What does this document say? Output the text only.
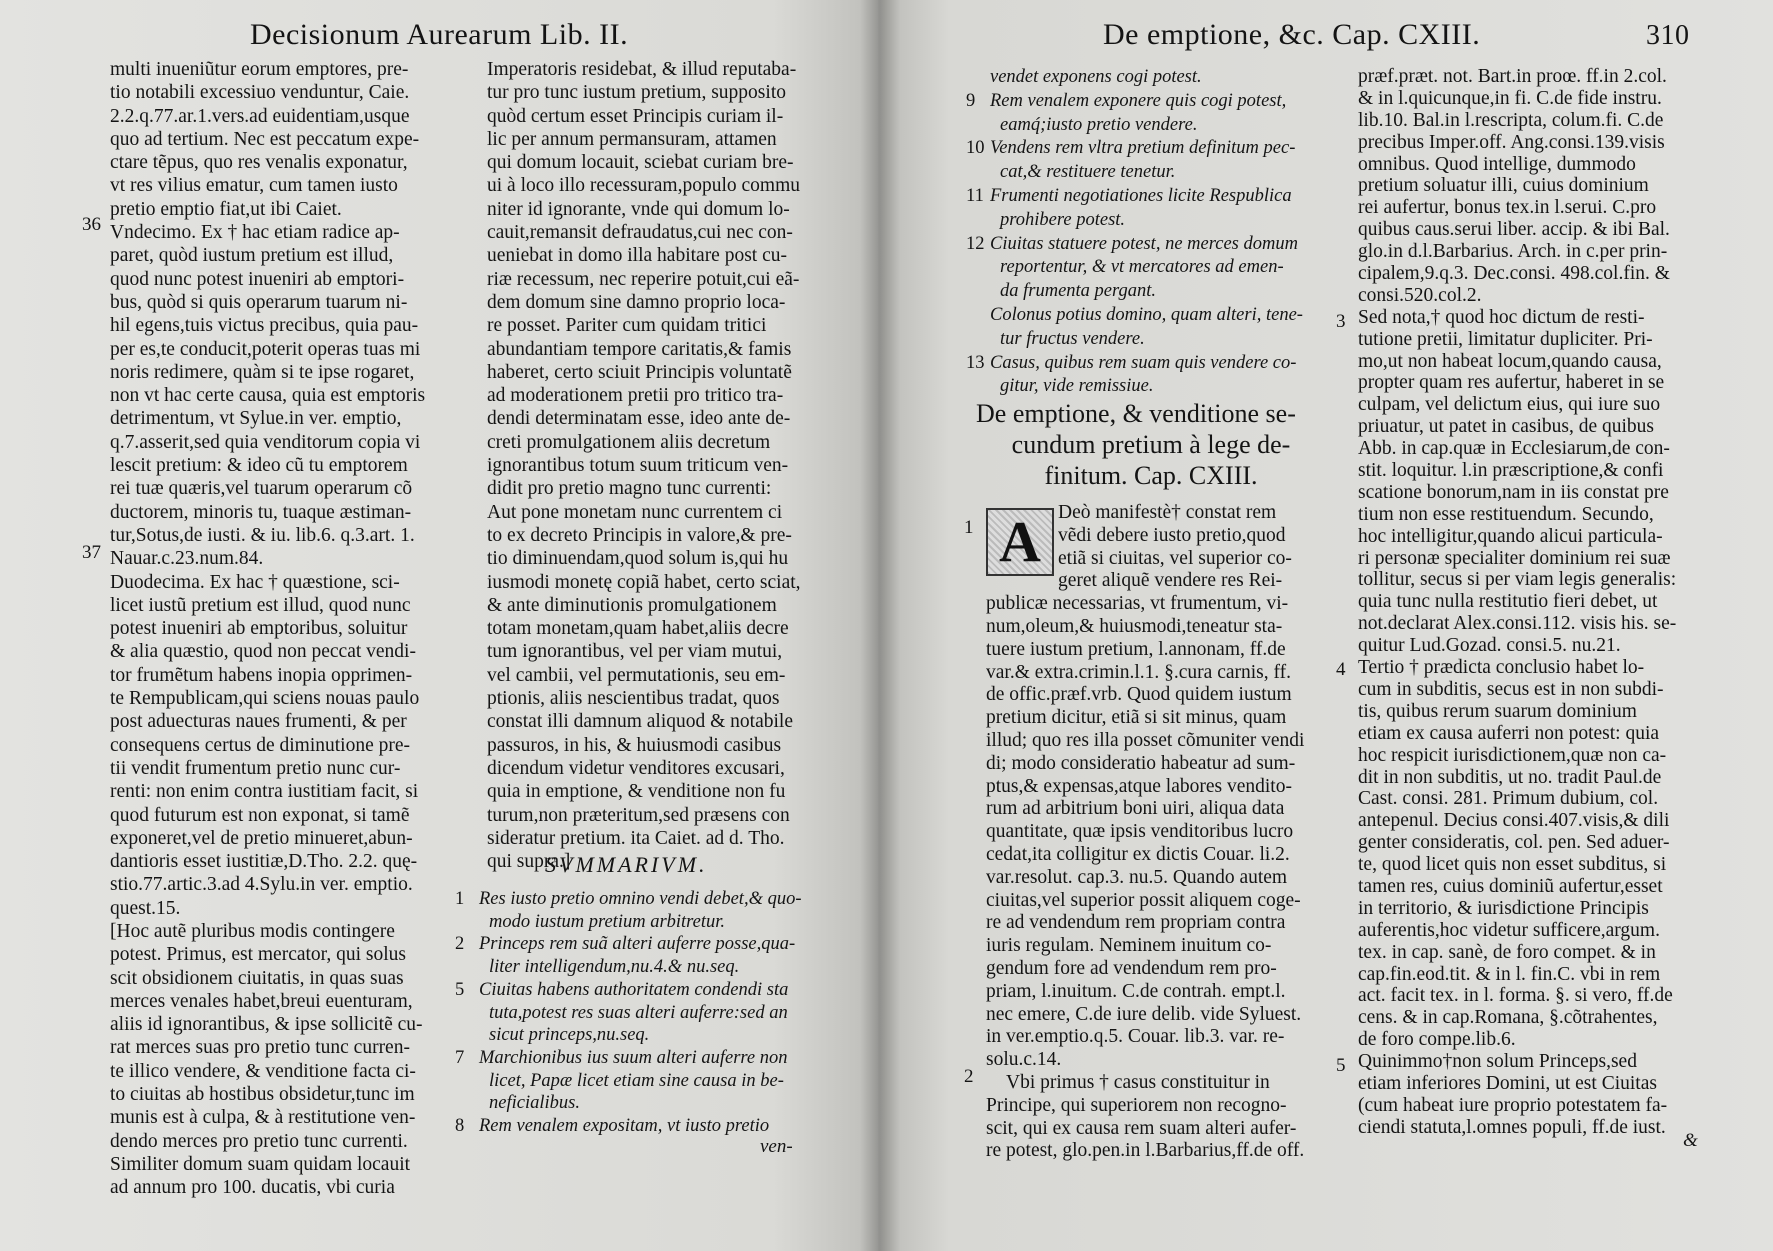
Decisionum Aurearum Lib. II.
multi inueniũtur eorum emptores, pre-
tio notabili excessiuo venduntur, Caie.
2.2.q.77.ar.1.vers.ad euidentiam,usque
quo ad tertium. Nec est peccatum expe-
ctare tẽpus, quo res venalis exponatur,
vt res vilius ematur, cum tamen iusto
pretio emptio fiat,ut ibi Caiet.
Vndecimo. Ex † hac etiam radice ap-
paret, quòd iustum pretium est illud,
quod nunc potest inueniri ab emptori-
bus, quòd si quis operarum tuarum ni-
hil egens,tuis victus precibus, quia pau-
per es,te conducit,poterit operas tuas mi
noris redimere, quàm si te ipse rogaret,
non vt hac certe causa, quia est emptoris
detrimentum, vt Sylue.in ver. emptio,
q.7.asserit,sed quia venditorum copia vi
lescit pretium: & ideo cũ tu emptorem
rei tuæ quæris,vel tuarum operarum cõ
ductorem, minoris tu, tuaque æstiman-
tur,Sotus,de iusti. & iu. lib.6. q.3.art. 1.
Nauar.c.23.num.84.
Duodecima. Ex hac † quæstione, sci-
licet iustũ pretium est illud, quod nunc
potest inueniri ab emptoribus, soluitur
& alia quæstio, quod non peccat vendi-
tor frumẽtum habens inopia opprimen-
te Rempublicam,qui sciens nouas paulo
post aduecturas naues frumenti, & per
consequens certus de diminutione pre-
tii vendit frumentum pretio nunc cur-
renti: non enim contra iustitiam facit, si
quod futurum est non exponat, si tamẽ
exponeret,vel de pretio minueret,abun-
dantioris esset iustitiæ,D.Tho. 2.2. quę-
stio.77.artic.3.ad 4.Sylu.in ver. emptio.
quest.15.
[Hoc autẽ pluribus modis contingere
potest. Primus, est mercator, qui solus
scit obsidionem ciuitatis, in quas suas
merces venales habet,breui euenturam,
aliis id ignorantibus, & ipse sollicitẽ cu-
rat merces suas pro pretio tunc curren-
te illico vendere, & venditione facta ci-
to ciuitas ab hostibus obsidetur,tunc im
munis est à culpa, & à restitutione ven-
dendo merces pro pretio tunc currenti.
Similiter domum suam quidam locauit
ad annum pro 100. ducatis, vbi curia
36
37
Imperatoris residebat, & illud reputaba-
tur pro tunc iustum pretium, supposito
quòd certum esset Principis curiam il-
lic per annum permansuram, attamen
qui domum locauit, sciebat curiam bre-
ui à loco illo recessuram,populo commu
niter id ignorante, vnde qui domum lo-
cauit,remansit defraudatus,cui nec con-
ueniebat in domo illa habitare post cu-
riæ recessum, nec reperire potuit,cui eã-
dem domum sine damno proprio loca-
re posset. Pariter cum quidam tritici
abundantiam tempore caritatis,& famis
haberet, certo sciuit Principis voluntatẽ
ad moderationem pretii pro tritico tra-
dendi determinatam esse, ideo ante de-
creti promulgationem aliis decretum
ignorantibus totum suum triticum ven-
didit pro pretio magno tunc currenti:
Aut pone monetam nunc currentem ci
to ex decreto Principis in valore,& pre-
tio diminuendam,quod solum is,qui hu
iusmodi monetę copiã habet, certo sciat,
& ante diminutionis promulgationem
totam monetam,quam habet,aliis decre
tum ignorantibus, vel per viam mutui,
vel cambii, vel permutationis, seu em-
ptionis, aliis nescientibus tradat, quos
constat illi damnum aliquod & notabile
passuros, in his, & huiusmodi casibus
dicendum videtur venditores excusari,
quia in emptione, & venditione non fu
turum,non præteritum,sed præsens con
sideratur pretium. ita Caiet. ad d. Tho.
qui supra.]
SVMMARIVM.
1 Res iusto pretio omnino vendi debet,& quo-
modo iustum pretium arbitretur.
2 Princeps rem suã alteri auferre posse,qua-
liter intelligendum,nu.4.& nu.seq.
5 Ciuitas habens authoritatem condendi sta
tuta,potest res suas alteri auferre:sed an
sicut princeps,nu.seq.
7 Marchionibus ius suum alteri auferre non
licet, Papæ licet etiam sine causa in be-
neficialibus.
8 Rem venalem expositam, vt iusto pretio
ven-
De emptione, &c. Cap. CXIII.	310
vendet exponens cogi potest.
9 Rem venalem exponere quis cogi potest,
eamq́;iusto pretio vendere.
10 Vendens rem vltra pretium definitum pec-
cat,& restituere tenetur.
11 Frumenti negotiationes licite Respublica
prohibere potest.
12 Ciuitas statuere potest, ne merces domum
reportentur, & vt mercatores ad emen-
da frumenta pergant.
Colonus potius domino, quam alteri, tene-
tur fructus vendere.
13 Casus, quibus rem suam quis vendere co-
gitur, vide remissiue.
De emptione, & venditione se-
cundum pretium à lege de-
finitum. Cap. CXIII.
A Deò manifestè† constat rem
vẽdi debere iusto pretio,quod
etiã si ciuitas, vel superior co-
geret aliquẽ vendere res Rei-
publicæ necessarias, vt frumentum, vi-
num,oleum,& huiusmodi,teneatur sta-
tuere iustum pretium, l.annonam, ff.de
var.& extra.crimin.l.1. §.cura carnis, ff.
de offic.præf.vrb. Quod quidem iustum
pretium dicitur, etiã si sit minus, quam
illud; quo res illa posset cõmuniter vendi
di; modo consideratio habeatur ad sum-
ptus,& expensas,atque labores vendito-
rum ad arbitrium boni uiri, aliqua data
quantitate, quæ ipsis venditoribus lucro
cedat,ita colligitur ex dictis Couar. li.2.
var.resolut. cap.3. nu.5. Quando autem
ciuitas,vel superior possit aliquem coge-
re ad vendendum rem propriam contra
iuris regulam. Neminem inuitum co-
gendum fore ad vendendum rem pro-
priam, l.inuitum. C.de contrah. empt.l.
nec emere, C.de iure delib. vide Syluest.
in ver.emptio.q.5. Couar. lib.3. var. re-
solu.c.14.
Vbi primus † casus constituitur in
Principe, qui superiorem non recogno-
scit, qui ex causa rem suam alteri aufer-
re potest, glo.pen.in l.Barbarius,ff.de off.
1
2
præf.præt. not. Bart.in proœ. ff.in 2.col.
& in l.quicunque,in fi. C.de fide instru.
lib.10. Bal.in l.rescripta, colum.fi. C.de
precibus Imper.off. Ang.consi.139.visis
omnibus. Quod intellige, dummodo
pretium soluatur illi, cuius dominium
rei aufertur, bonus tex.in l.serui. C.pro
quibus caus.serui liber. accip. & ibi Bal.
glo.in d.l.Barbarius. Arch. in c.per prin-
cipalem,9.q.3. Dec.consi. 498.col.fin. &
consi.520.col.2.
Sed nota,† quod hoc dictum de resti-
tutione pretii, limitatur dupliciter. Pri-
mo,ut non habeat locum,quando causa,
propter quam res aufertur, haberet in se
culpam, vel delictum eius, qui iure suo
priuatur, ut patet in casibus, de quibus
Abb. in cap.quæ in Ecclesiarum,de con-
stit. loquitur. l.in præscriptione,& confi
scatione bonorum,nam in iis constat pre
tium non esse restituendum. Secundo,
hoc intelligitur,quando alicui particula-
ri personæ specialiter dominium rei suæ
tollitur, secus si per viam legis generalis:
quia tunc nulla restitutio fieri debet, ut
not.declarat Alex.consi.112. visis his. se-
quitur Lud.Gozad. consi.5. nu.21.
Tertio † prædicta conclusio habet lo-
cum in subditis, secus est in non subdi-
tis, quibus rerum suarum dominium
etiam ex causa auferri non potest: quia
hoc respicit iurisdictionem,quæ non ca-
dit in non subditis, ut no. tradit Paul.de
Cast. consi. 281. Primum dubium, col.
antepenul. Decius consi.407.visis,& dili
genter consideratis, col. pen. Sed aduer-
te, quod licet quis non esset subditus, si
tamen res, cuius dominiũ aufertur,esset
in territorio, & iurisdictione Principis
auferentis,hoc videtur sufficere,argum.
tex. in cap. sanè, de foro compet. & in
cap.fin.eod.tit. & in l. fin.C. vbi in rem
act. facit tex. in l. forma. §. si vero, ff.de
cens. & in cap.Romana, §.cõtrahentes,
de foro compe.lib.6.
Quinimmo†non solum Princeps,sed
etiam inferiores Domini, ut est Ciuitas
(cum habeat iure proprio potestatem fa-
ciendi statuta,l.omnes populi, ff.de iust.
3
4
5
&
